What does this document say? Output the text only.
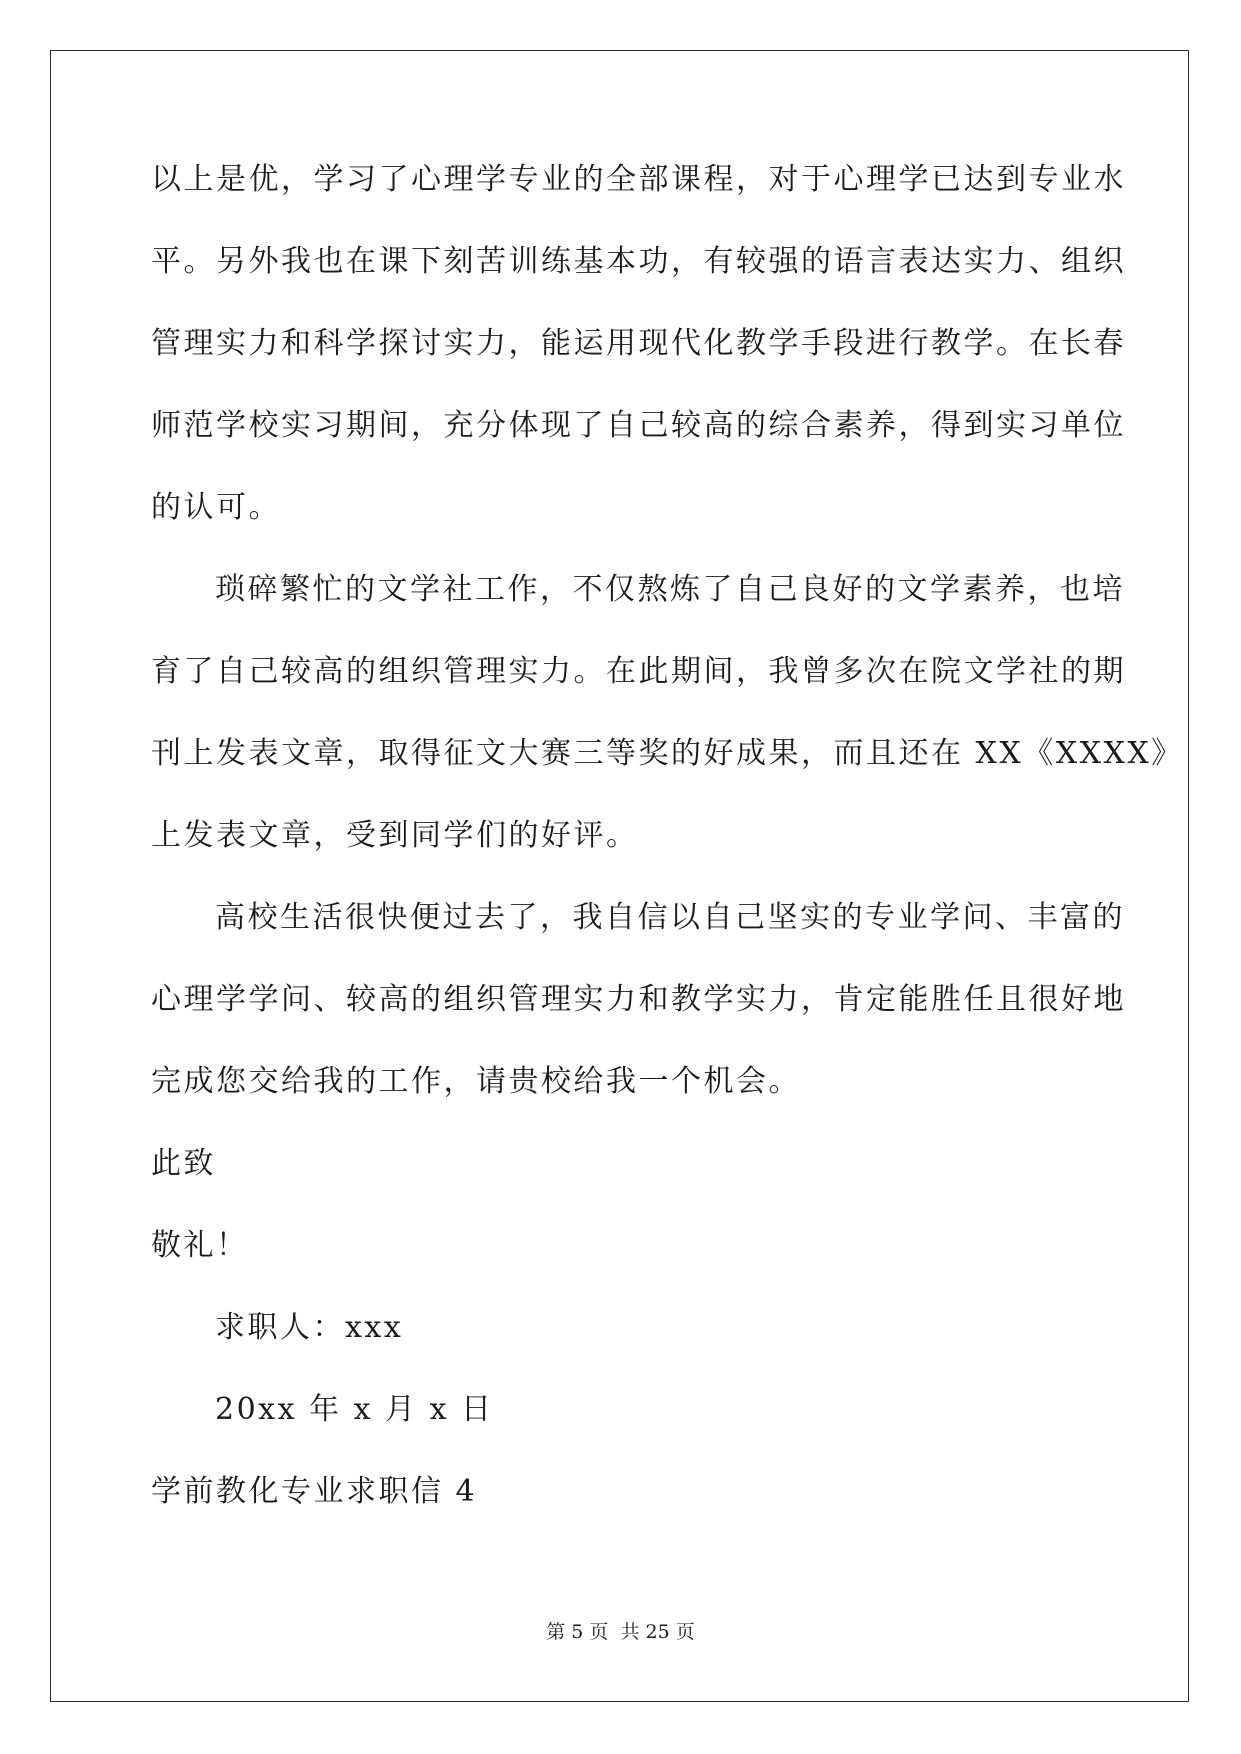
以上是优，学习了心理学专业的全部课程，对于心理学已达到专业水
平。另外我也在课下刻苦训练基本功，有较强的语言表达实力、组织
管理实力和科学探讨实力，能运用现代化教学手段进行教学。在长春
师范学校实习期间，充分体现了自己较高的综合素养，得到实习单位
的认可。
琐碎繁忙的文学社工作，不仅熬炼了自己良好的文学素养，也培
育了自己较高的组织管理实力。在此期间，我曾多次在院文学社的期
刊上发表文章，取得征文大赛三等奖的好成果，而且还在 XX《XXXX》
上发表文章，受到同学们的好评。
高校生活很快便过去了，我自信以自己坚实的专业学问、丰富的
心理学学问、较高的组织管理实力和教学实力，肯定能胜任且很好地
完成您交给我的工作，请贵校给我一个机会。
此致
敬礼！
求职人：xxx
20xx 年 x 月 x 日
学前教化专业求职信 4
第 5 页 共 25 页
